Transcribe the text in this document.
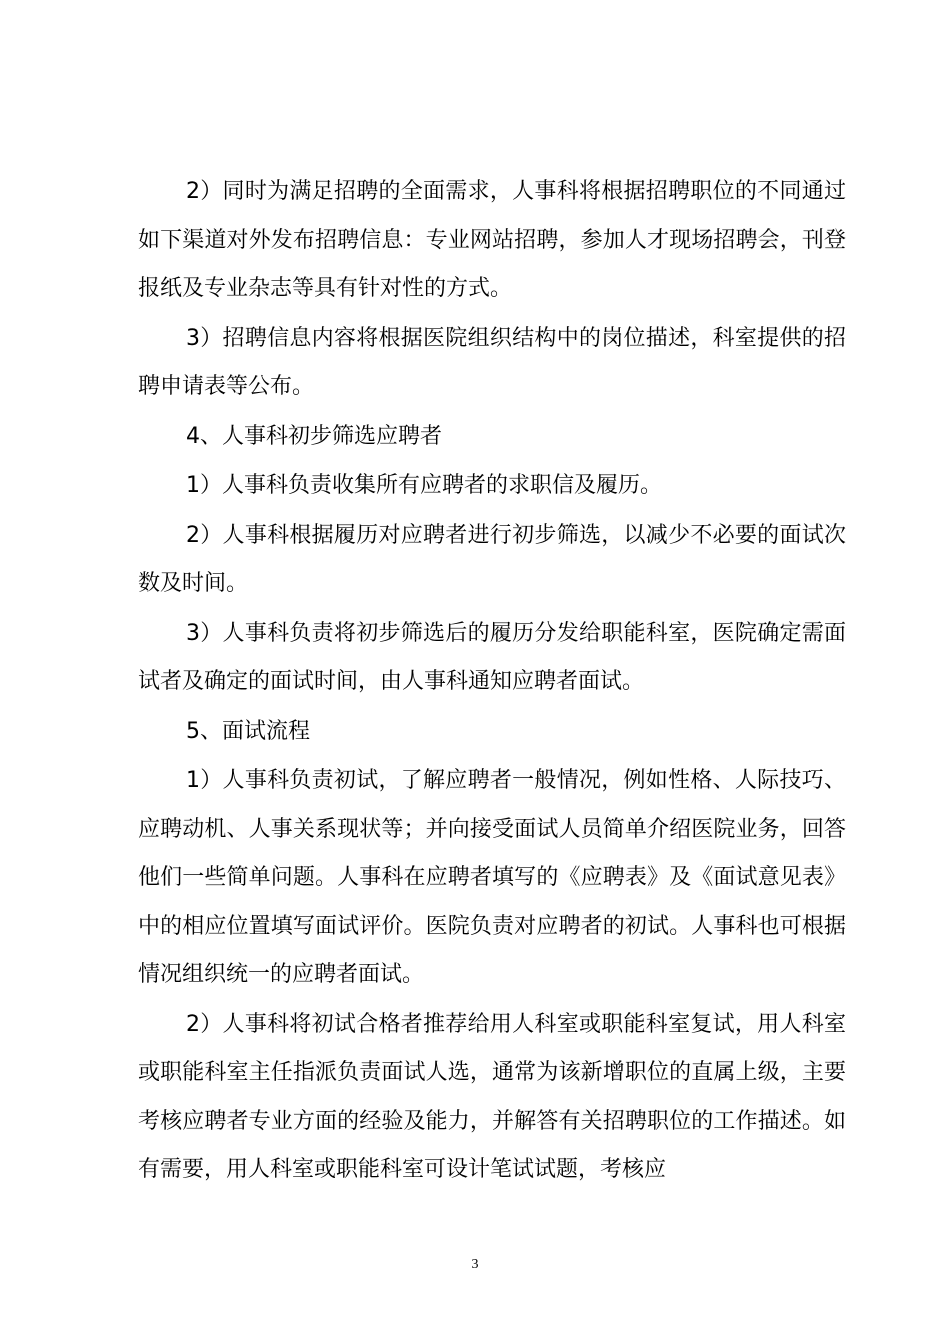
2）同时为满足招聘的全面需求，人事科将根据招聘职位的不同通过如下渠道对外发布招聘信息：专业网站招聘，参加人才现场招聘会，刊登报纸及专业杂志等具有针对性的方式。

3）招聘信息内容将根据医院组织结构中的岗位描述，科室提供的招聘申请表等公布。

4、人事科初步筛选应聘者

1）人事科负责收集所有应聘者的求职信及履历。

2）人事科根据履历对应聘者进行初步筛选，以减少不必要的面试次数及时间。

3）人事科负责将初步筛选后的履历分发给职能科室，医院确定需面试者及确定的面试时间，由人事科通知应聘者面试。

5、面试流程

1）人事科负责初试，了解应聘者一般情况，例如性格、人际技巧、应聘动机、人事关系现状等；并向接受面试人员简单介绍医院业务，回答他们一些简单问题。人事科在应聘者填写的《应聘表》及《面试意见表》中的相应位置填写面试评价。医院负责对应聘者的初试。人事科也可根据情况组织统一的应聘者面试。

2）人事科将初试合格者推荐给用人科室或职能科室复试，用人科室或职能科室主任指派负责面试人选，通常为该新增职位的直属上级，主要考核应聘者专业方面的经验及能力，并解答有关招聘职位的工作描述。如有需要，用人科室或职能科室可设计笔试试题，考核应

3
